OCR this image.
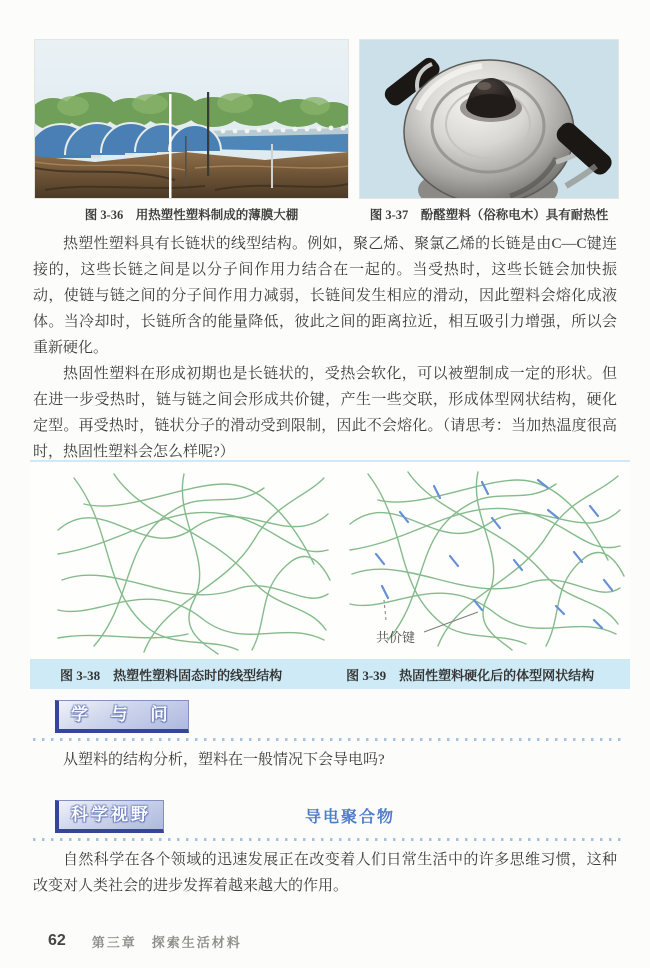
图 3-36　用热塑性塑料制成的薄膜大棚	图 3-37　酚醛塑料（俗称电木）具有耐热性

热塑性塑料具有长链状的线型结构。例如，聚乙烯、聚氯乙烯的长链是由C—C键连接的，这些长链之间是以分子间作用力结合在一起的。当受热时，这些长链会加快振动，使链与链之间的分子间作用力减弱，长链间发生相应的滑动，因此塑料会熔化成液体。当冷却时，长链所含的能量降低，彼此之间的距离拉近，相互吸引力增强，所以会重新硬化。

热固性塑料在形成初期也是长链状的，受热会软化，可以被塑制成一定的形状。但在进一步受热时，链与链之间会形成共价键，产生一些交联，形成体型网状结构，硬化定型。再受热时，链状分子的滑动受到限制，因此不会熔化。（请思考：当加热温度很高时，热固性塑料会怎么样呢?）

共价键
图 3-38　热塑性塑料固态时的线型结构	图 3-39　热固性塑料硬化后的体型网状结构
学 与 问

从塑料的结构分析，塑料在一般情况下会导电吗?

科学视野	导电聚合物

自然科学在各个领域的迅速发展正在改变着人们日常生活中的许多思维习惯，这种改变对人类社会的进步发挥着越来越大的作用。

62 第三章　探索生活材料
